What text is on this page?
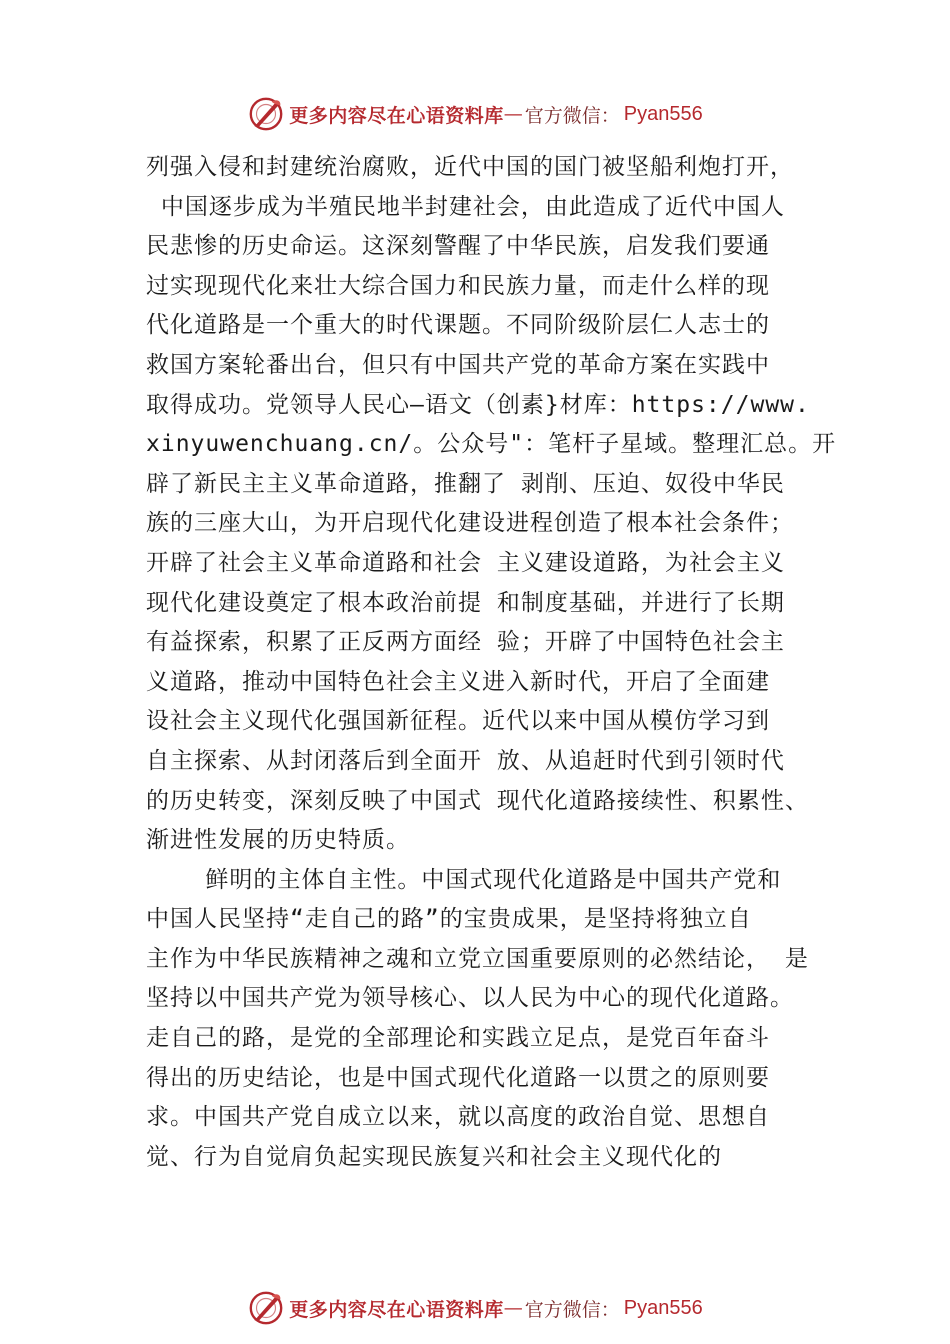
更多内容尽在心语资料库 — 官方微信： Pyan556
列强入侵和封建统治腐败，近代中国的国门被坚船利炮打开，
中国逐步成为半殖民地半封建社会，由此造成了近代中国人
民悲惨的历史命运。这深刻警醒了中华民族，启发我们要通
过实现现代化来壮大综合国力和民族力量，而走什么样的现
代化道路是一个重大的时代课题。不同阶级阶层仁人志士的
救国方案轮番出台，但只有中国共产党的革命方案在实践中
取得成功。党领导人民心—语文（创素}材库：https://www.
xinyuwenchuang.cn/。公众号"：笔杆子星域。整理汇总。开
辟了新民主主义革命道路，推翻了 剥削、压迫、奴役中华民
族的三座大山，为开启现代化建设进程创造了根本社会条件；
开辟了社会主义革命道路和社会 主义建设道路，为社会主义
现代化建设奠定了根本政治前提 和制度基础，并进行了长期
有益探索，积累了正反两方面经 验；开辟了中国特色社会主
义道路，推动中国特色社会主义进入新时代，开启了全面建
设社会主义现代化强国新征程。近代以来中国从模仿学习到
自主探索、从封闭落后到全面开 放、从追赶时代到引领时代
的历史转变，深刻反映了中国式 现代化道路接续性、积累性、
渐进性发展的历史特质。
鲜明的主体自主性。中国式现代化道路是中国共产党和
中国人民坚持“走自己的路”的宝贵成果，是坚持将独立自
主作为中华民族精神之魂和立党立国重要原则的必然结论， 是
坚持以中国共产党为领导核心、以人民为中心的现代化道路。
走自己的路，是党的全部理论和实践立足点，是党百年奋斗
得出的历史结论，也是中国式现代化道路一以贯之的原则要
求。中国共产党自成立以来，就以高度的政治自觉、思想自
觉、行为自觉肩负起实现民族复兴和社会主义现代化的
更多内容尽在心语资料库 — 官方微信： Pyan556
